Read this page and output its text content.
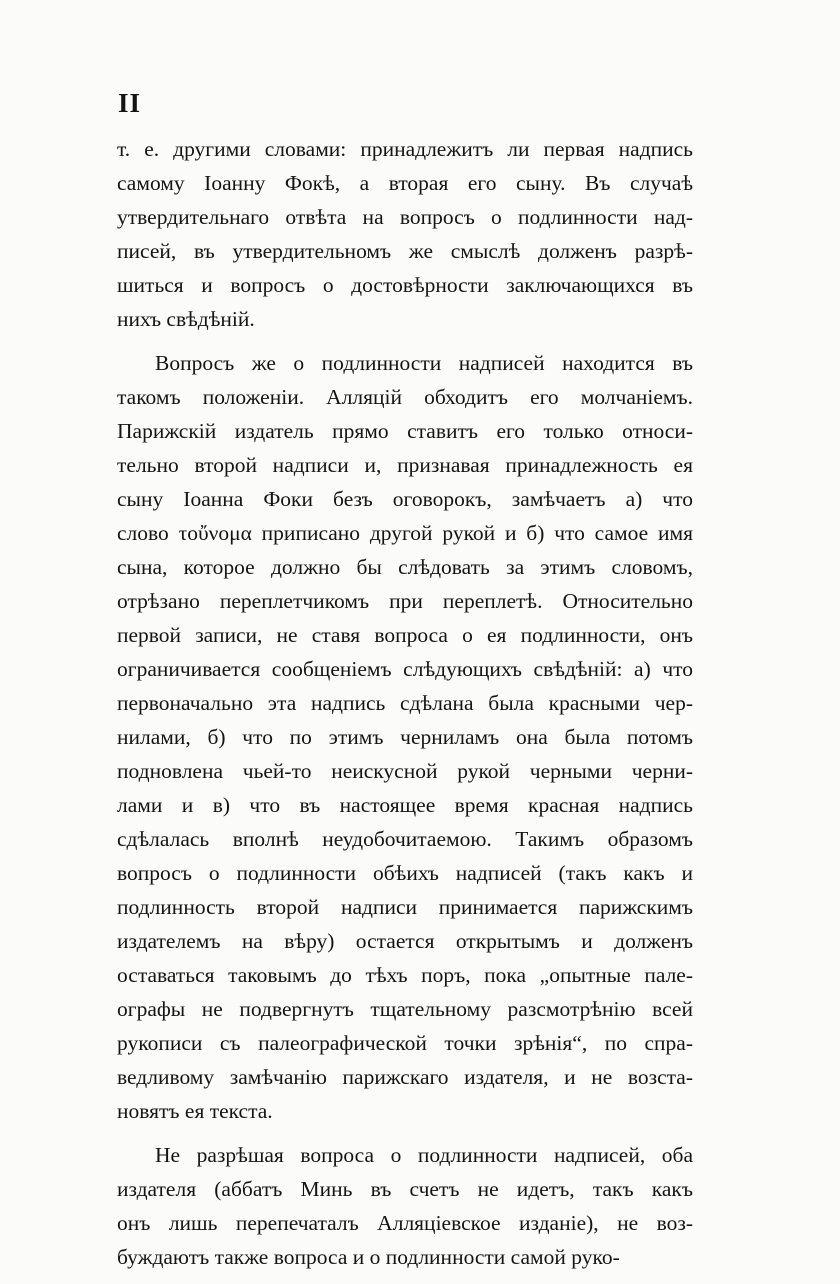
II
т. е. другими словами: принадлежитъ ли первая надпись
самому Іоанну Фокѣ, а вторая его сыну. Въ случаѣ
утвердительнаго отвѣта на вопросъ о подлинности над-
писей, въ утвердительномъ же смыслѣ долженъ разрѣ-
шиться и вопросъ о достовѣрности заключающихся въ
нихъ свѣдѣній.
Вопросъ же о подлинности надписей находится въ
такомъ положеніи. Алляцій обходитъ его молчаніемъ.
Парижскій издатель прямо ставитъ его только относи-
тельно второй надписи и, признавая принадлежность ея
сыну Іоанна Фоки безъ оговорокъ, замѣчаетъ а) что
слово τοὔνομα приписано другой рукой и б) что самое имя
сына, которое должно бы слѣдовать за этимъ словомъ,
отрѣзано переплетчикомъ при переплетѣ. Относительно
первой записи, не ставя вопроса о ея подлинности, онъ
ограничивается сообщеніемъ слѣдующихъ свѣдѣній: а) что
первоначально эта надпись сдѣлана была красными чер-
нилами, б) что по этимъ черниламъ она была потомъ
подновлена чьей-то неискусной рукой черными черни-
лами и в) что въ настоящее время красная надпись
сдѣлалась вполнѣ неудобочитаемою. Такимъ образомъ
вопросъ о подлинности обѣихъ надписей (такъ какъ и
подлинность второй надписи принимается парижскимъ
издателемъ на вѣру) остается открытымъ и долженъ
оставаться таковымъ до тѣхъ поръ, пока „опытные пале-
ографы не подвергнутъ тщательному разсмотрѣнію всей
рукописи съ палеографической точки зрѣнія“, по спра-
ведливому замѣчанію парижскаго издателя, и не возста-
новятъ ея текста.
Не разрѣшая вопроса о подлинности надписей, оба
издателя (аббатъ Минь въ счетъ не идетъ, такъ какъ
онъ лишь перепечаталъ Алляціевское изданіе), не воз-
буждаютъ также вопроса и о подлинности самой руко-
